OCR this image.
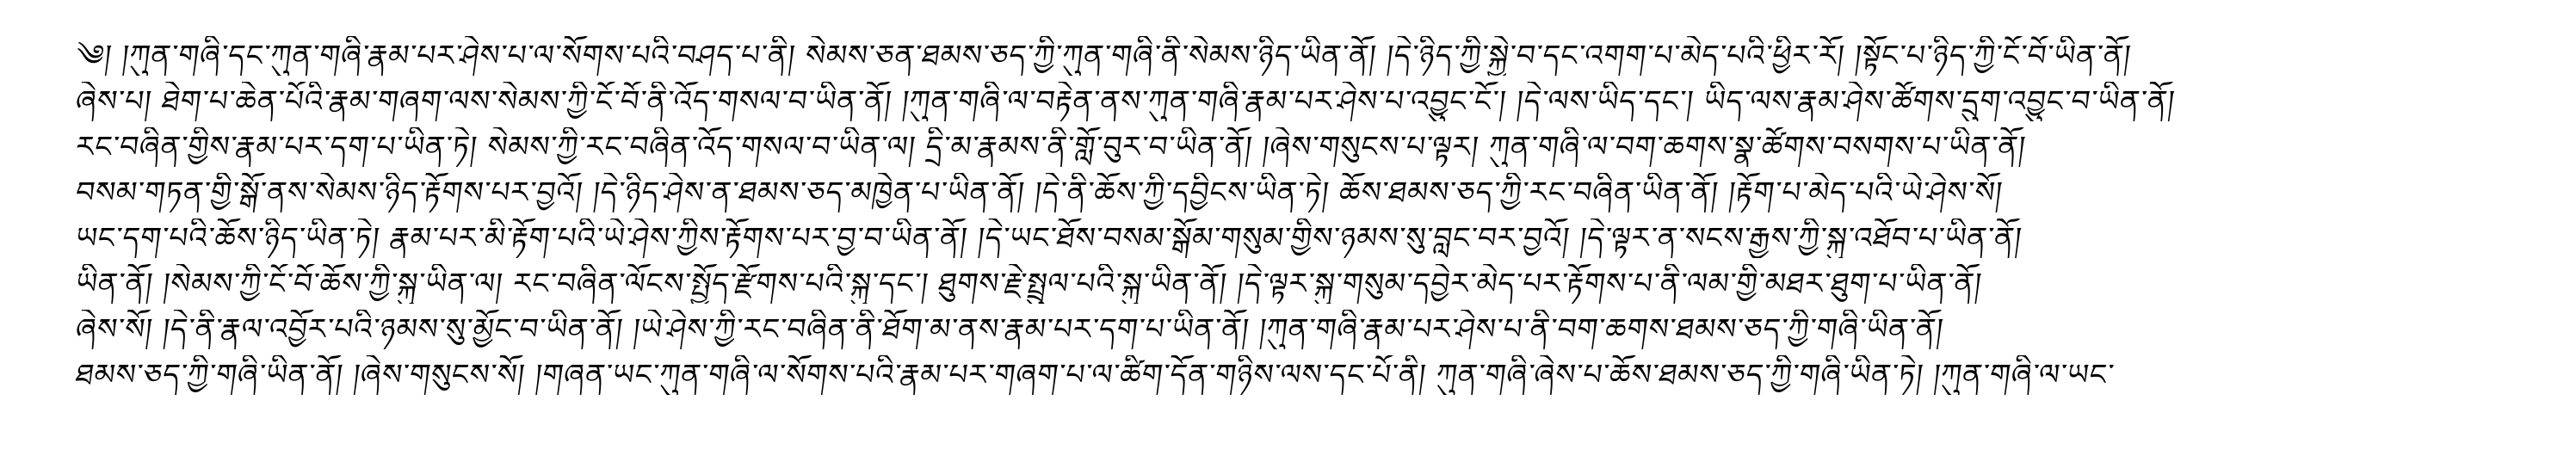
༄། །ཀུན་གཞི་དང་ཀུན་གཞི་རྣམ་པར་ཤེས་པ་ལ་སོགས་པའི་བཤད་པ་ནི། སེམས་ཅན་ཐམས་ཅད་ཀྱི་ཀུན་གཞི་ནི་སེམས་ཉིད་ཡིན་ནོ། །དེ་ཉིད་ཀྱི་སྐྱེ་བ་དང་འགག་པ་མེད་པའི་ཕྱིར་རོ། །སྟོང་པ་ཉིད་ཀྱི་ངོ་བོ་ཡིན་ནོ།
ཞེས་པ། ཐེག་པ་ཆེན་པོའི་རྣམ་གཞག་ལས་སེམས་ཀྱི་ངོ་བོ་ནི་འོད་གསལ་བ་ཡིན་ནོ། །ཀུན་གཞི་ལ་བརྟེན་ནས་ཀུན་གཞི་རྣམ་པར་ཤེས་པ་འབྱུང་ངོ་། །དེ་ལས་ཡིད་དང་། ཡིད་ལས་རྣམ་ཤེས་ཚོགས་དྲུག་འབྱུང་བ་ཡིན་ནོ།
རང་བཞིན་གྱིས་རྣམ་པར་དག་པ་ཡིན་ཏེ། སེམས་ཀྱི་རང་བཞིན་འོད་གསལ་བ་ཡིན་ལ། དྲི་མ་རྣམས་ནི་གློ་བུར་བ་ཡིན་ནོ། །ཞེས་གསུངས་པ་ལྟར། ཀུན་གཞི་ལ་བག་ཆགས་སྣ་ཚོགས་བསགས་པ་ཡིན་ནོ།
བསམ་གཏན་གྱི་སྒོ་ནས་སེམས་ཉིད་རྟོགས་པར་བྱའོ། །དེ་ཉིད་ཤེས་ན་ཐམས་ཅད་མཁྱེན་པ་ཡིན་ནོ། །དེ་ནི་ཆོས་ཀྱི་དབྱིངས་ཡིན་ཏེ། ཆོས་ཐམས་ཅད་ཀྱི་རང་བཞིན་ཡིན་ནོ། །རྟོག་པ་མེད་པའི་ཡེ་ཤེས་སོ།
ཡང་དག་པའི་ཆོས་ཉིད་ཡིན་ཏེ། རྣམ་པར་མི་རྟོག་པའི་ཡེ་ཤེས་ཀྱིས་རྟོགས་པར་བྱ་བ་ཡིན་ནོ། །དེ་ཡང་ཐོས་བསམ་སྒོམ་གསུམ་གྱིས་ཉམས་སུ་བླང་བར་བྱའོ། །དེ་ལྟར་ན་སངས་རྒྱས་ཀྱི་སྐུ་འཐོབ་པ་ཡིན་ནོ།
ཡིན་ནོ། །སེམས་ཀྱི་ངོ་བོ་ཆོས་ཀྱི་སྐུ་ཡིན་ལ། རང་བཞིན་ལོངས་སྤྱོད་རྫོགས་པའི་སྐུ་དང་། ཐུགས་རྗེ་སྤྲུལ་པའི་སྐུ་ཡིན་ནོ། །དེ་ལྟར་སྐུ་གསུམ་དབྱེར་མེད་པར་རྟོགས་པ་ནི་ལམ་གྱི་མཐར་ཐུག་པ་ཡིན་ནོ།
ཞེས་སོ། །དེ་ནི་རྣལ་འབྱོར་པའི་ཉམས་སུ་མྱོང་བ་ཡིན་ནོ། །ཡེ་ཤེས་ཀྱི་རང་བཞིན་ནི་ཐོག་མ་ནས་རྣམ་པར་དག་པ་ཡིན་ནོ། །ཀུན་གཞི་རྣམ་པར་ཤེས་པ་ནི་བག་ཆགས་ཐམས་ཅད་ཀྱི་གཞི་ཡིན་ནོ།
ཐམས་ཅད་ཀྱི་གཞི་ཡིན་ནོ། །ཞེས་གསུངས་སོ། །གཞན་ཡང་ཀུན་གཞི་ལ་སོགས་པའི་རྣམ་པར་གཞག་པ་ལ་ཚིག་དོན་གཉིས་ལས་དང་པོ་ནི། ཀུན་གཞི་ཞེས་པ་ཆོས་ཐམས་ཅད་ཀྱི་གཞི་ཡིན་ཏེ། །ཀུན་གཞི་ལ་ཡང་
